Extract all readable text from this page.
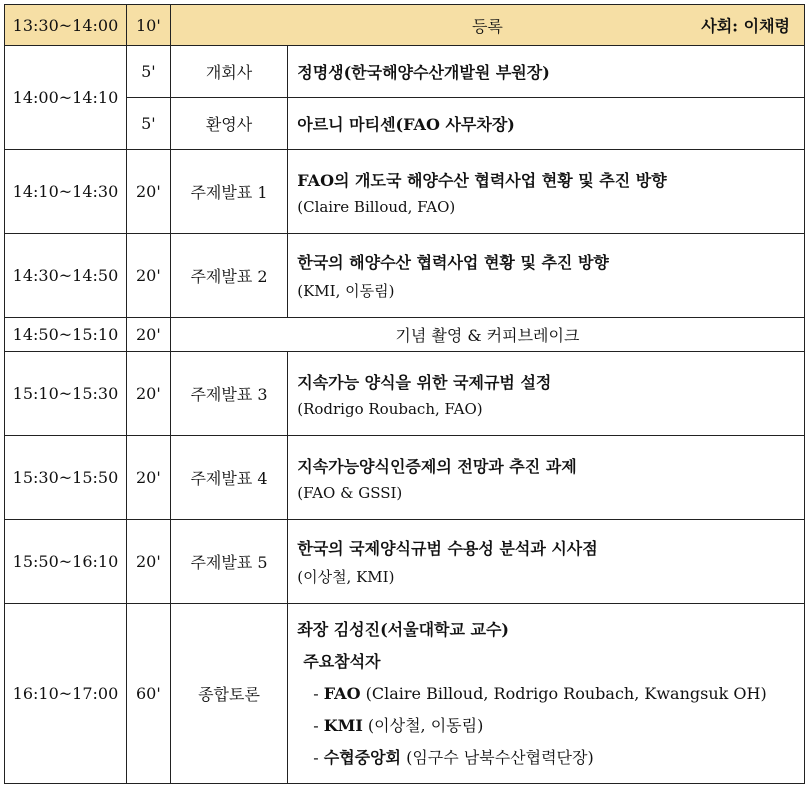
13:30~14:00	10'	등록 사회: 이채령	

14:00~14:10	5'	개회사	정명생(한국해양수산개발원 부원장)
	5'	환영사	아르니 마티센(FAO 사무차장)
14:10~14:30	20'	주제발표 1	FAO의 개도국 해양수산 협력사업 현황 및 추진 방향
(Claire Billoud, FAO)

14:30~14:50	20'	주제발표 2	한국의 해양수산 협력사업 현황 및 추진 방향
(KMI, 이동림)

14:50~15:10	20'	기념 촬영 & 커피브레이크	
15:10~15:30	20'	주제발표 3	지속가능 양식을 위한 국제규범 설정
(Rodrigo Roubach, FAO)

15:30~15:50	20'	주제발표 4	지속가능양식인증제의 전망과 추진 과제
(FAO & GSSI)

15:50~16:10	20'	주제발표 5	한국의 국제양식규범 수용성 분석과 시사점
(이상철, KMI)

16:10~17:00	60'	종합토론	좌장 김성진(서울대학교 교수)
주요참석자
- FAO (Claire Billoud, Rodrigo Roubach, Kwangsuk OH)
- KMI (이상철, 이동림)
- 수협중앙회 (임구수 남북수산협력단장)
